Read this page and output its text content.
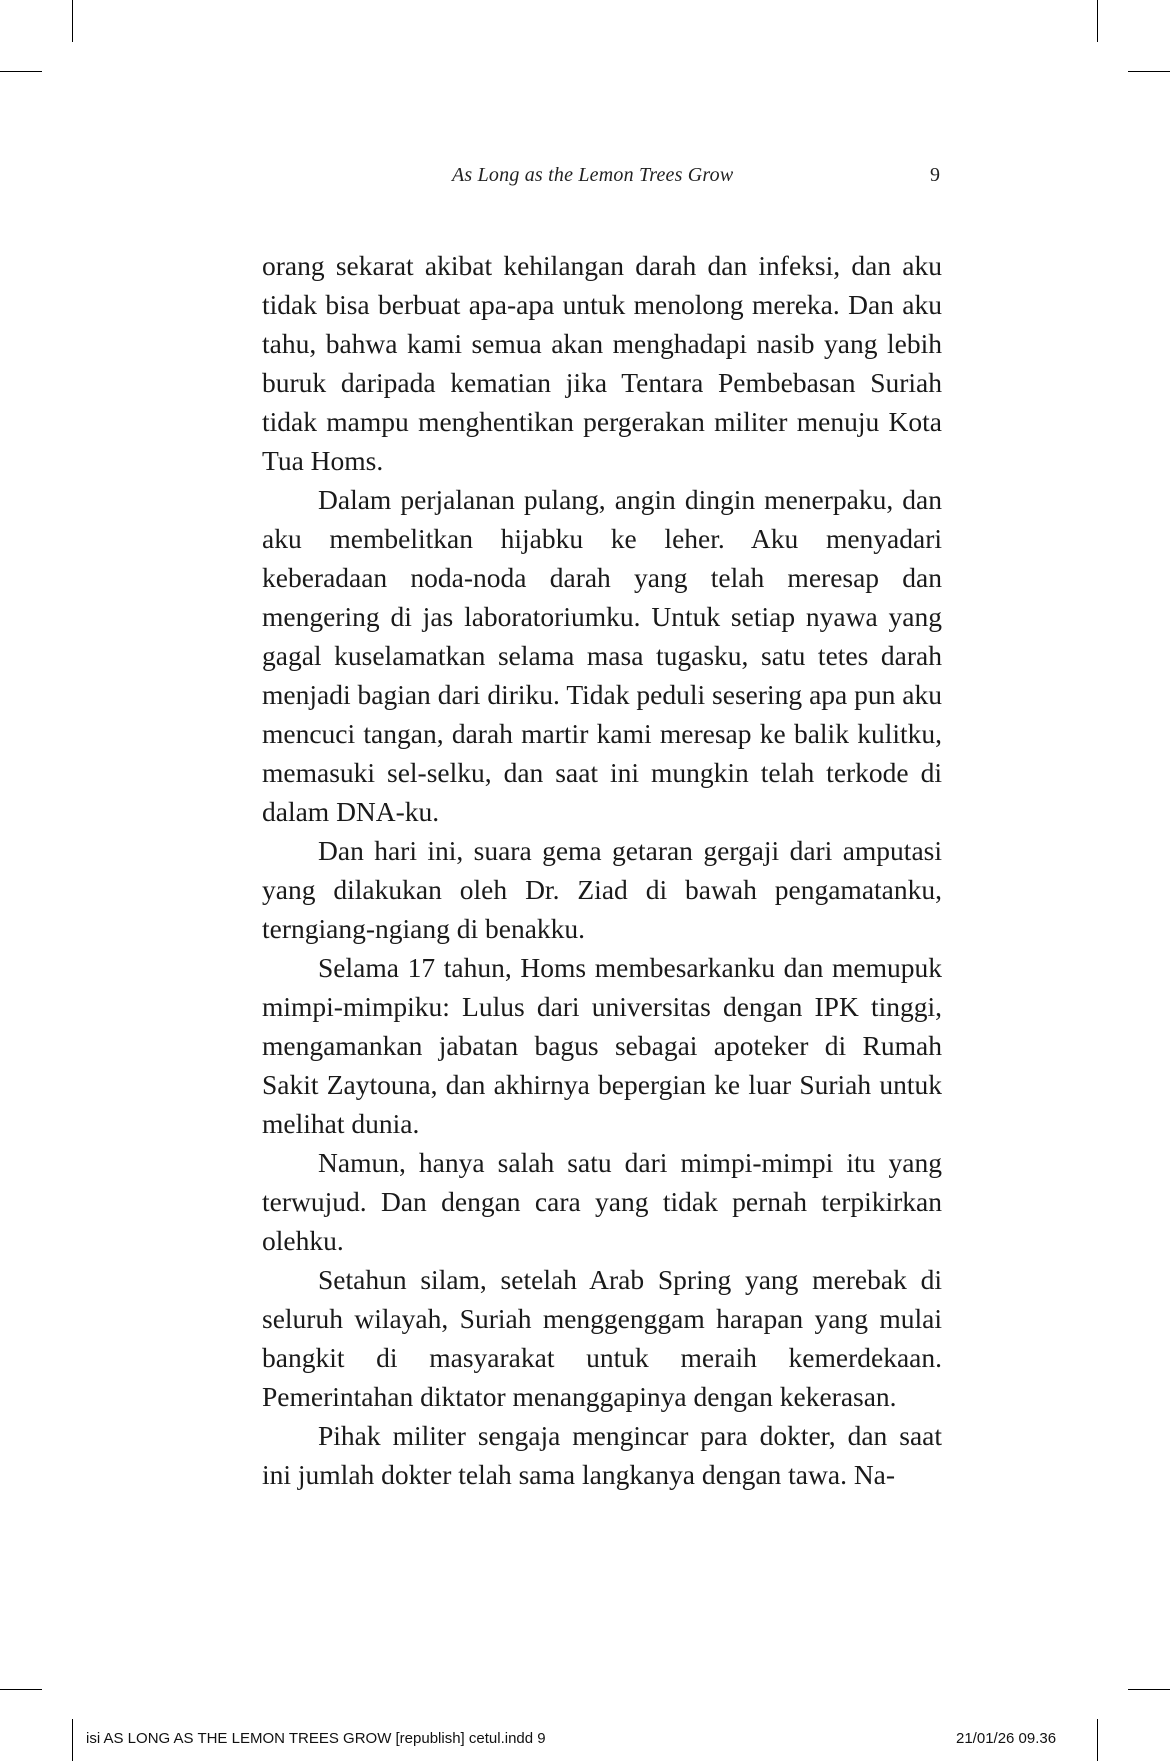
As Long as the Lemon Trees Grow	9

orang sekarat akibat kehilangan darah dan infeksi, dan aku tidak bisa berbuat apa-apa untuk menolong mereka. Dan aku tahu, bahwa kami semua akan menghadapi nasib yang lebih buruk daripada kematian jika Tentara Pembebasan Suriah tidak mampu menghentikan pergerakan militer menuju Kota Tua Homs.

Dalam perjalanan pulang, angin dingin menerpaku, dan aku membelitkan hijabku ke leher. Aku menyadari keberadaan noda-noda darah yang telah meresap dan mengering di jas laboratoriumku. Untuk setiap nyawa yang gagal kuselamatkan selama masa tugasku, satu tetes darah menjadi bagian dari diriku. Tidak peduli sesering apa pun aku mencuci tangan, darah martir kami meresap ke balik kulitku, memasuki sel-selku, dan saat ini mungkin telah terkode di dalam DNA-ku.

Dan hari ini, suara gema getaran gergaji dari amputasi yang dilakukan oleh Dr. Ziad di bawah pengamatanku, terngiang-ngiang di benakku.

Selama 17 tahun, Homs membesarkanku dan memupuk mimpi-mimpiku: Lulus dari universitas dengan IPK tinggi, mengamankan jabatan bagus sebagai apoteker di Rumah Sakit Zaytouna, dan akhirnya bepergian ke luar Suriah untuk melihat dunia.

Namun, hanya salah satu dari mimpi-mimpi itu yang terwujud. Dan dengan cara yang tidak pernah terpikirkan olehku.

Setahun silam, setelah Arab Spring yang merebak di seluruh wilayah, Suriah menggenggam harapan yang mulai bangkit di masyarakat untuk meraih kemerdekaan. Pemerintahan diktator menanggapinya dengan kekerasan.

Pihak militer sengaja mengincar para dokter, dan saat ini jumlah dokter telah sama langkanya dengan tawa. Na-

isi AS LONG AS THE LEMON TREES GROW [republish] cetul.indd 9	21/01/26 09.36
